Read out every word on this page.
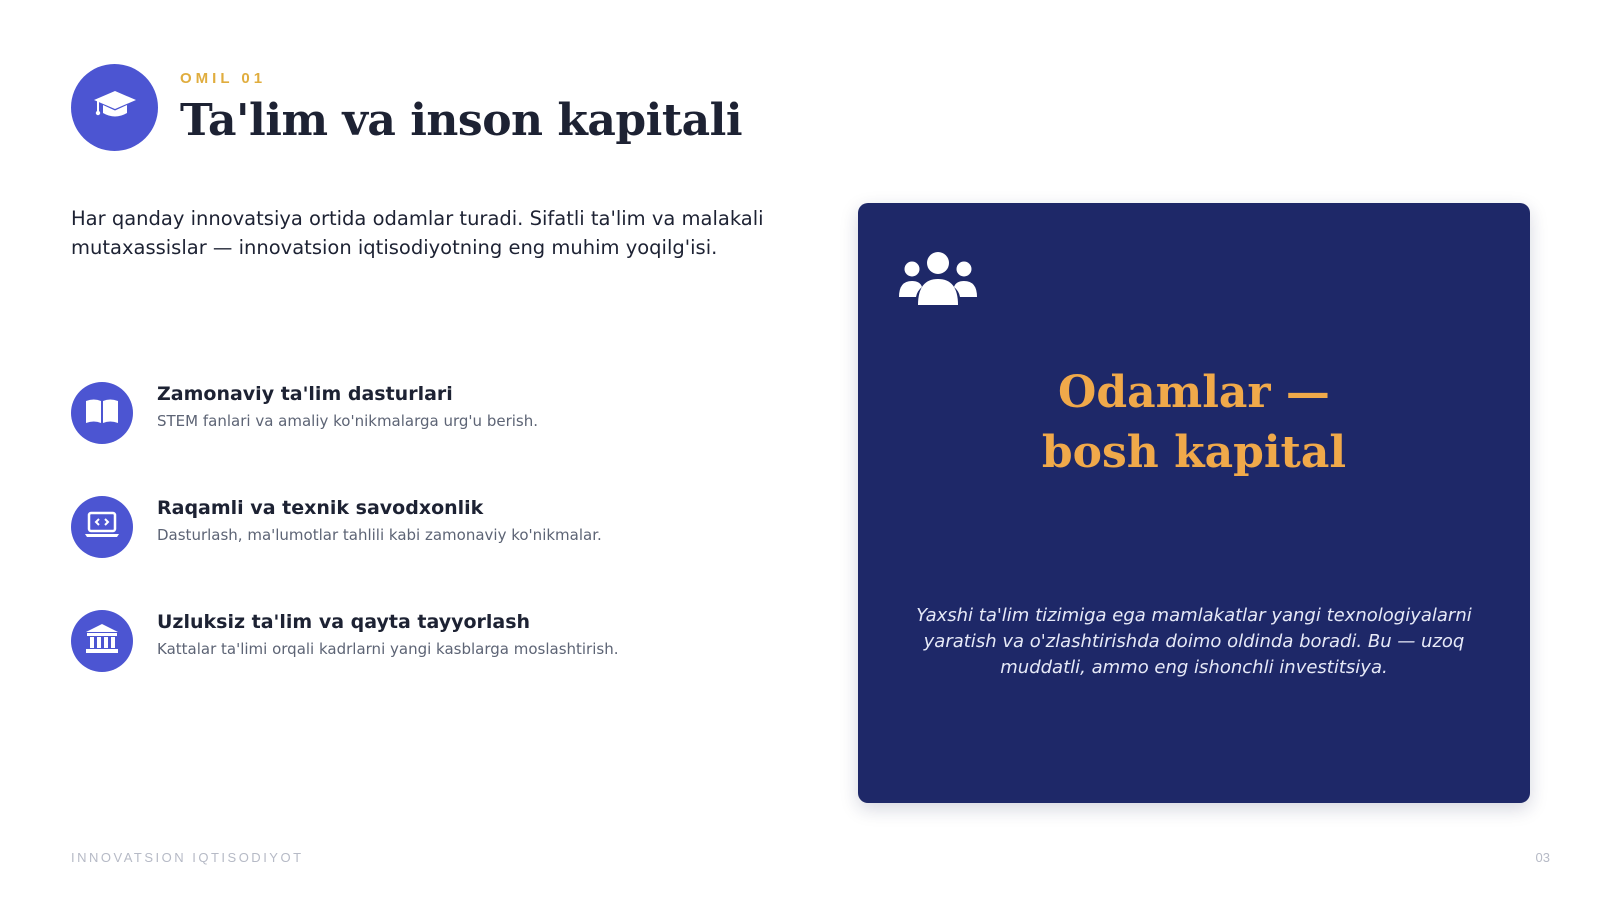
OMIL 01
Ta'lim va inson kapitali
Har qanday innovatsiya ortida odamlar turadi. Sifatli ta'lim va malakali mutaxassislar — innovatsion iqtisodiyotning eng muhim yoqilg'isi.
Zamonaviy ta'lim dasturlari
STEM fanlari va amaliy ko'nikmalarga urg'u berish.
Raqamli va texnik savodxonlik
Dasturlash, ma'lumotlar tahlili kabi zamonaviy ko'nikmalar.
Uzluksiz ta'lim va qayta tayyorlash
Kattalar ta'limi orqali kadrlarni yangi kasblarga moslashtirish.
Odamlar —
bosh kapital
Yaxshi ta'lim tizimiga ega mamlakatlar yangi texnologiyalarni yaratish va o'zlashtirishda doimo oldinda boradi. Bu — uzoq muddatli, ammo eng ishonchli investitsiya.
INNOVATSION IQTISODIYOT	03
